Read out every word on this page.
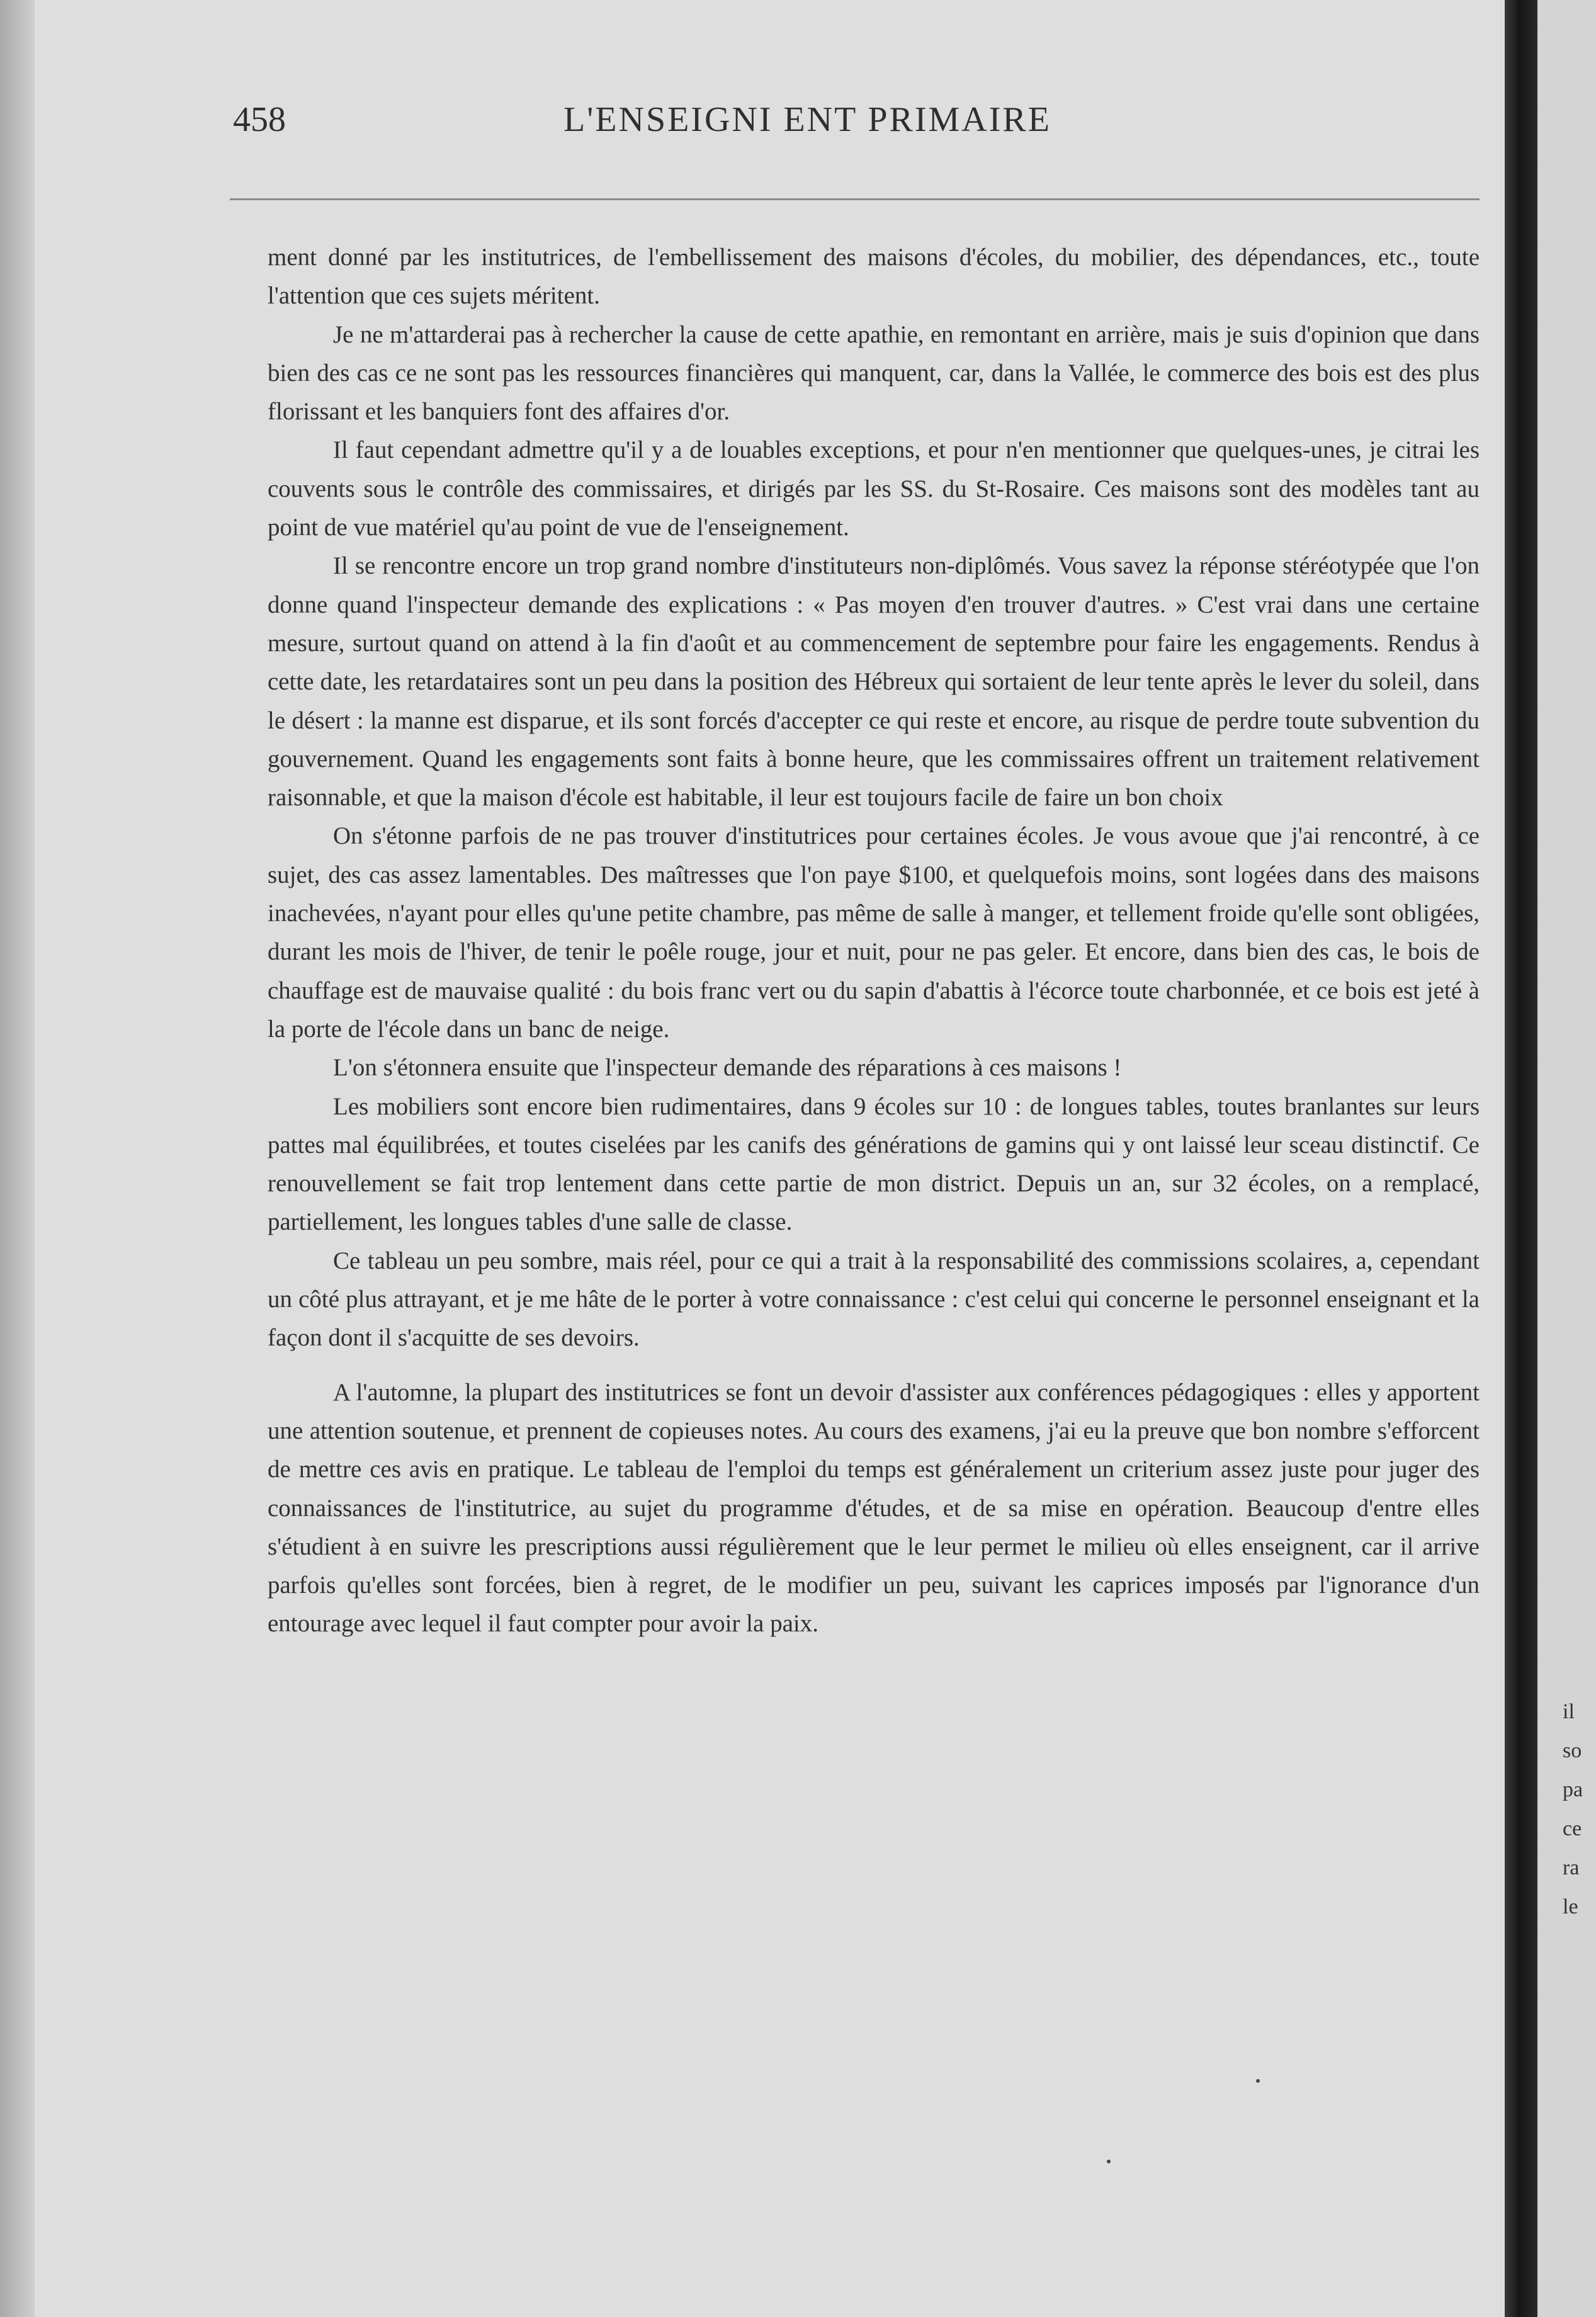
458	L'ENSEIGNI ENT PRIMAIRE

ment donné par les institutrices, de l'embellissement des maisons d'écoles, du mobilier, des dépendances, etc., toute l'attention que ces sujets méritent.

Je ne m'attarderai pas à rechercher la cause de cette apathie, en remontant en arrière, mais je suis d'opinion que dans bien des cas ce ne sont pas les ressources financières qui manquent, car, dans la Vallée, le commerce des bois est des plus florissant et les banquiers font des affaires d'or.

Il faut cependant admettre qu'il y a de louables exceptions, et pour n'en mentionner que quelques-unes, je citrai les couvents sous le contrôle des commissaires, et dirigés par les SS. du St-Rosaire. Ces maisons sont des modèles tant au point de vue matériel qu'au point de vue de l'enseignement.

Il se rencontre encore un trop grand nombre d'instituteurs non-diplômés. Vous savez la réponse stéréotypée que l'on donne quand l'inspecteur demande des explications : « Pas moyen d'en trouver d'autres. » C'est vrai dans une certaine mesure, surtout quand on attend à la fin d'août et au commencement de septembre pour faire les engagements. Rendus à cette date, les retardataires sont un peu dans la position des Hébreux qui sortaient de leur tente après le lever du soleil, dans le désert : la manne est disparue, et ils sont forcés d'accepter ce qui reste et encore, au risque de perdre toute subvention du gouvernement. Quand les engagements sont faits à bonne heure, que les commissaires offrent un traitement relativement raisonnable, et que la maison d'école est habitable, il leur est toujours facile de faire un bon choix

On s'étonne parfois de ne pas trouver d'institutrices pour certaines écoles. Je vous avoue que j'ai rencontré, à ce sujet, des cas assez lamentables. Des maîtresses que l'on paye $100, et quelquefois moins, sont logées dans des maisons inachevées, n'ayant pour elles qu'une petite chambre, pas même de salle à manger, et tellement froide qu'elle sont obligées, durant les mois de l'hiver, de tenir le poêle rouge, jour et nuit, pour ne pas geler. Et encore, dans bien des cas, le bois de chauffage est de mauvaise qualité : du bois franc vert ou du sapin d'abattis à l'écorce toute charbonnée, et ce bois est jeté à la porte de l'école dans un banc de neige.

L'on s'étonnera ensuite que l'inspecteur demande des réparations à ces maisons !

Les mobiliers sont encore bien rudimentaires, dans 9 écoles sur 10 : de longues tables, toutes branlantes sur leurs pattes mal équilibrées, et toutes ciselées par les canifs des générations de gamins qui y ont laissé leur sceau distinctif. Ce renouvellement se fait trop lentement dans cette partie de mon district. Depuis un an, sur 32 écoles, on a remplacé, partiellement, les longues tables d'une salle de classe.

Ce tableau un peu sombre, mais réel, pour ce qui a trait à la responsabilité des commissions scolaires, a, cependant un côté plus attrayant, et je me hâte de le porter à votre connaissance : c'est celui qui concerne le personnel enseignant et la façon dont il s'acquitte de ses devoirs.

A l'automne, la plupart des institutrices se font un devoir d'assister aux conférences pédagogiques : elles y apportent une attention soutenue, et prennent de copieuses notes. Au cours des examens, j'ai eu la preuve que bon nombre s'efforcent de mettre ces avis en pratique. Le tableau de l'emploi du temps est généralement un criterium assez juste pour juger des connaissances de l'institutrice, au sujet du programme d'études, et de sa mise en opération. Beaucoup d'entre elles s'étudient à en suivre les prescriptions aussi régulièrement que le leur permet le milieu où elles enseignent, car il arrive parfois qu'elles sont forcées, bien à regret, de le modifier un peu, suivant les caprices imposés par l'ignorance d'un entourage avec lequel il faut compter pour avoir la paix.

il
so
pa
ce
ra
le
